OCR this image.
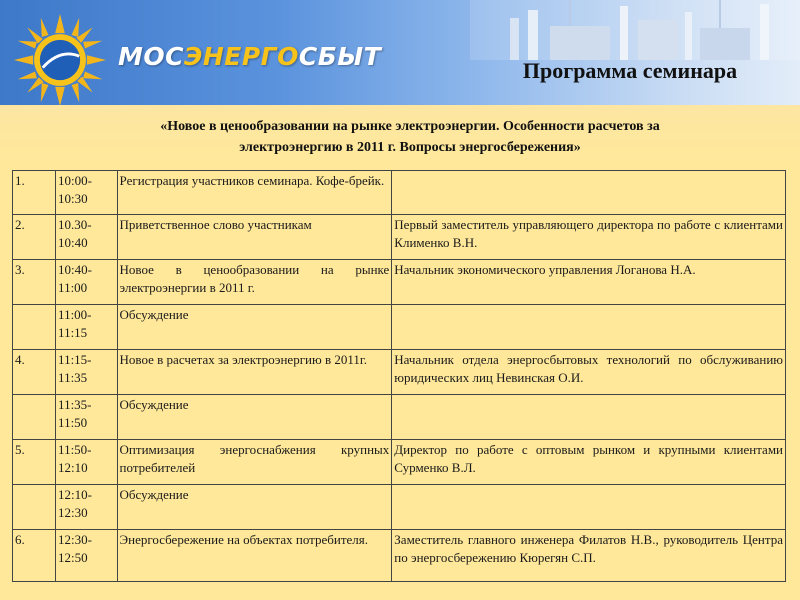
МОСЭНЕРГОСБЫТ	Программа семинара
«Новое в ценообразовании на рынке электроэнергии. Особенности расчетов за
электроэнергию в 2011 г. Вопросы энергосбережения»
1.	10:00-
10:30	Регистрация участников семинара. Кофе-брейк.	
2.	10.30-
10:40	Приветственное слово участникам	Первый заместитель управляющего директора по работе с клиентами Клименко В.Н.
3.	10:40-
11:00	Новое в ценообразовании на рынке электроэнергии в 2011 г.	Начальник экономического управления Логанова Н.А.

	11:00-
11:15	Обсуждение	
4.	11:15-
11:35	Новое в расчетах за электроэнергию в 2011г.	Начальник отдела энергосбытовых технологий по обслуживанию юридических лиц Невинская О.И.

	11:35-
11:50	Обсуждение	
5.	11:50-
12:10	Оптимизация энергоснабжения крупных потребителей	Директор по работе с оптовым рынком и крупными клиентами Сурменко В.Л.

	12:10-
12:30	Обсуждение	
6.	12:30-
12:50	Энергосбережение на объектах потребителя.	Заместитель главного инженера Филатов Н.В., руководитель Центра по энергосбережению Кюрегян С.П.
